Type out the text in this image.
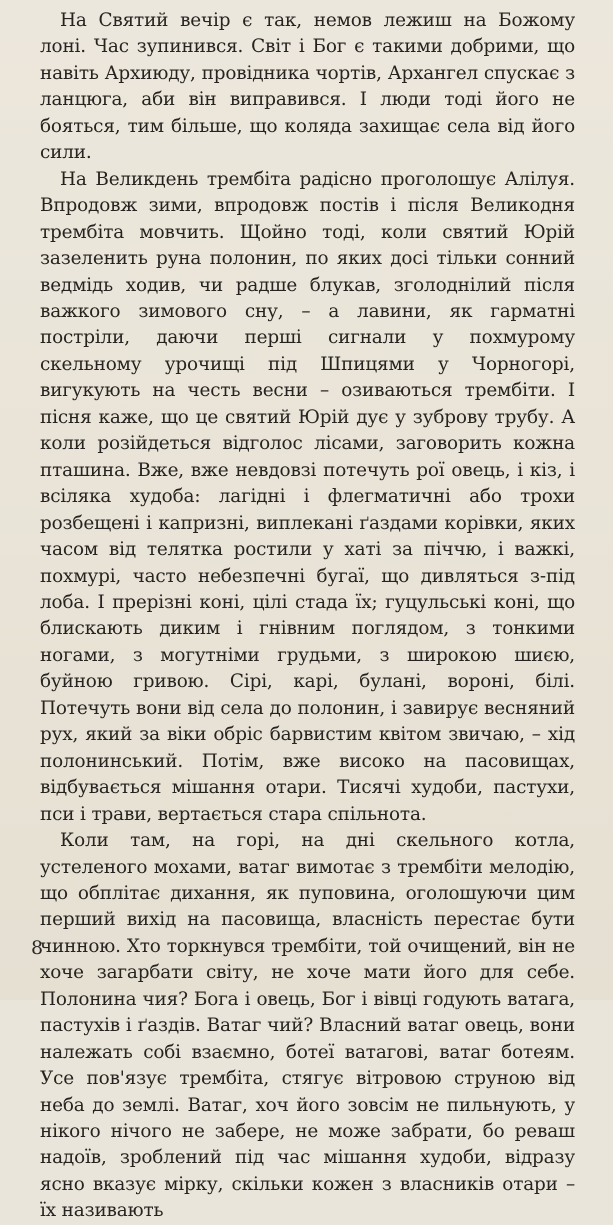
На Святий вечір є так, немов лежиш на Божому лоні. Час зупинився. Світ і Бог є такими добрими, що навіть Архиюду, провідника чортів, Архангел спускає з ланцюга, аби він виправився. І люди тоді його не бояться, тим більше, що коляда захищає села від його сили.

На Великдень трембіта радісно проголошує Алілуя. Впродовж зими, впродовж постів і після Великодня трембіта мовчить. Щойно тоді, коли святий Юрій зазеленить руна полонин, по яких досі тільки сонний ведмідь ходив, чи радше блукав, зголоднілий після важкого зимового сну, – а лавини, як гарматні постріли, даючи перші сигнали у похмурому скельному урочищі під Шпицями у Чорногорі, вигукують на честь весни – озиваються трембіти. І пісня каже, що це святий Юрій дує у зуброву трубу. А коли розійдеться відголос лісами, заговорить кожна пташина. Вже, вже невдовзі потечуть рої овець, і кіз, і всіляка худоба: лагідні і флегматичні або трохи розбещені і капризні, виплекані ґаздами корівки, яких часом від телятка ростили у хаті за піччю, і важкі, похмурі, часто небезпечні бугаї, що дивляться з-під лоба. І прерізні коні, цілі стада їх; гуцульські коні, що блискають диким і гнівним поглядом, з тонкими ногами, з могутніми грудьми, з широкою шиєю, буйною гривою. Сірі, карі, булані, вороні, білі. Потечуть вони від села до полонин, і завирує весняний рух, який за віки обріс барвистим квітом звичаю, – хід полонинський. Потім, вже високо на пасовищах, відбувається мішання отари. Тисячі худоби, пастухи, пси і трави, вертається стара спільнота.

Коли там, на горі, на дні скельного котла, устеленого мохами, ватаг вимотає з трембіти мелодію, що обплітає дихання, як пуповина, оголошуючи цим перший вихід на пасовища, власність перестає бути чинною. Хто торкнувся трембіти, той очищений, він не хоче загарбати світу, не хоче мати його для себе. Полонина чия? Бога і овець, Бог і вівці годують ватага, пастухів і ґаздів. Ватаг чий? Власний ватаг овець, вони належать собі взаємно, ботеї ватагові, ватаг ботеям. Усе пов'язує трембіта, стягує вітровою струною від неба до землі. Ватаг, хоч його зовсім не пильнують, у нікого нічого не забере, не може забрати, бо реваш надоїв, зроблений під час мішання худоби, відразу ясно вказує мірку, скільки кожен з власників отари – їх називають

8
